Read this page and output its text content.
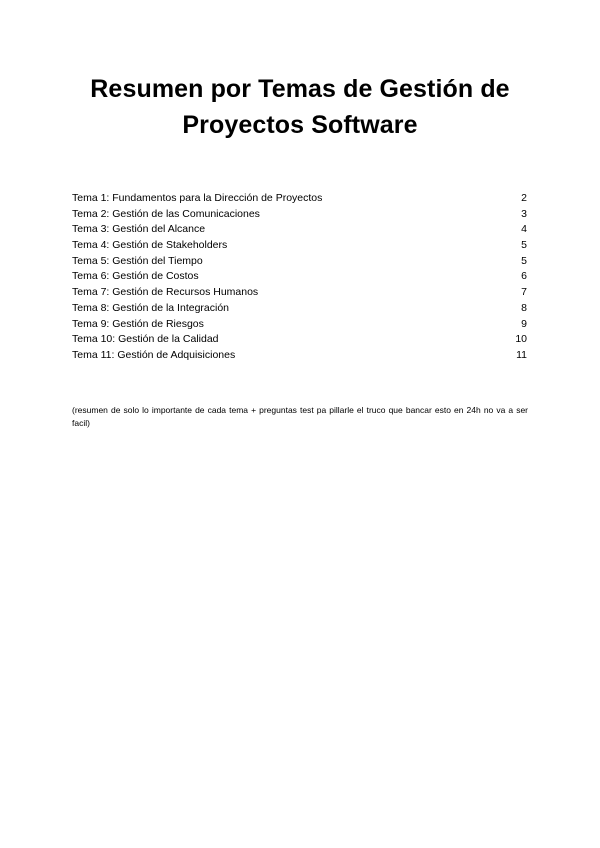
Resumen por Temas de Gestión de
Proyectos Software
Tema 1: Fundamentos para la Dirección de Proyectos	2
Tema 2: Gestión de las Comunicaciones	3
Tema 3: Gestión del Alcance	4
Tema 4: Gestión de Stakeholders	5
Tema 5: Gestión del Tiempo	5
Tema 6: Gestión de Costos	6
Tema 7: Gestión de Recursos Humanos	7
Tema 8: Gestión de la Integración	8
Tema 9: Gestión de Riesgos	9
Tema 10: Gestión de la Calidad	10
Tema 11: Gestión de Adquisiciones	11

(resumen de solo lo importante de cada tema + preguntas test pa pillarle el truco que bancar esto en 24h no va a ser facil)
